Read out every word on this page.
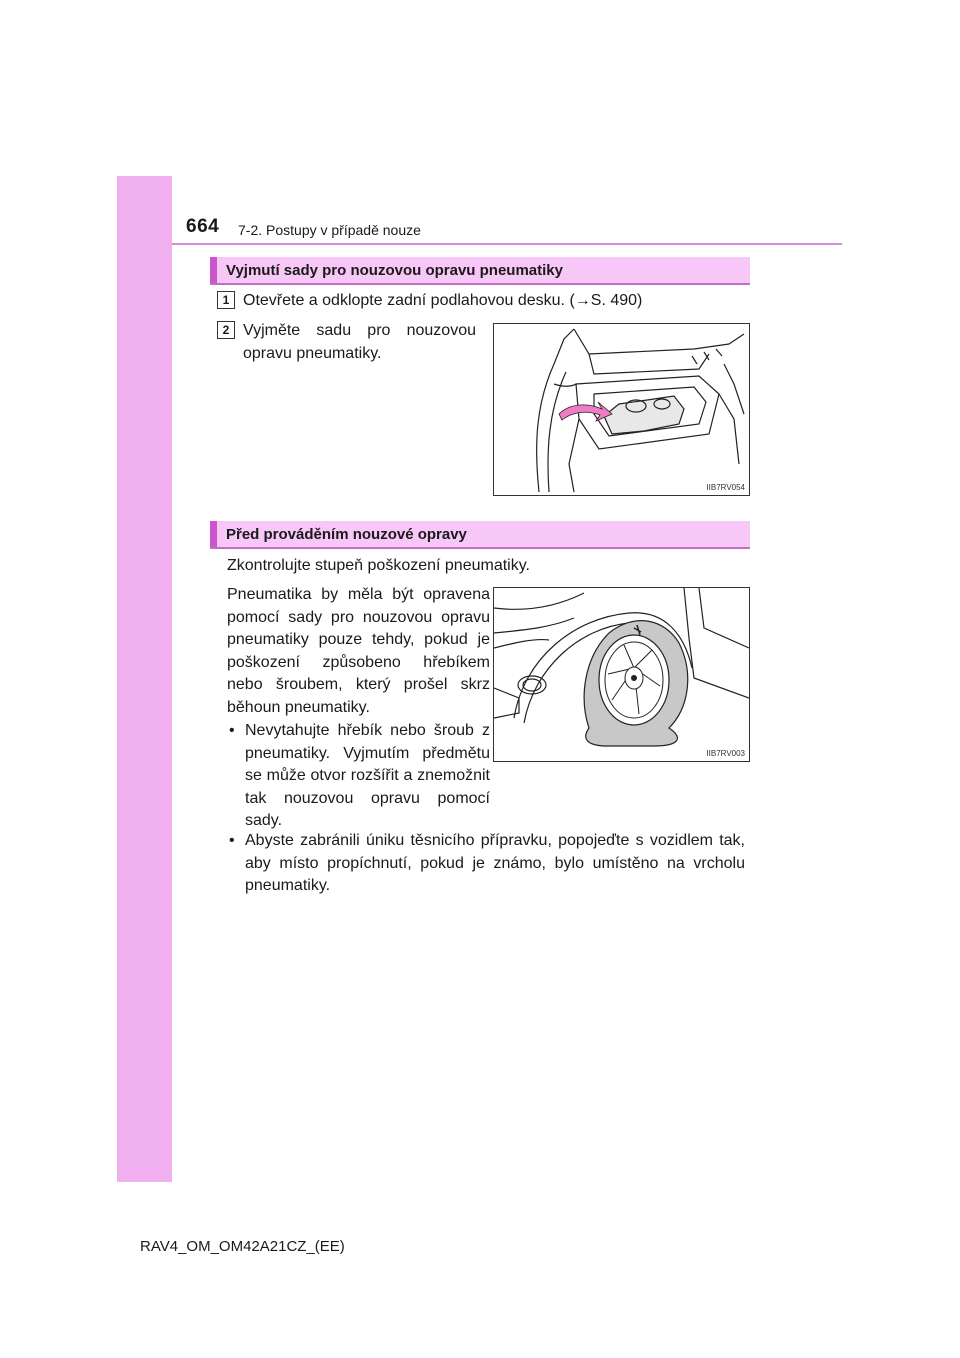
664 7-2. Postupy v případě nouze
Vyjmutí sady pro nouzovou opravu pneumatiky
1 Otevřete a odklopte zadní podlahovou desku. (→S. 490)
2 Vyjměte sadu pro nouzovou opravu pneumatiky.
IIB7RV054
Před prováděním nouzové opravy
Zkontrolujte stupeň poškození pneumatiky.
Pneumatika by měla být opravena pomocí sady pro nouzovou opravu pneumatiky pouze tehdy, pokud je poškození způsobeno hřebíkem nebo šroubem, který prošel skrz běhoun pneumatiky.
• Nevytahujte hřebík nebo šroub z pneumatiky. Vyjmutím předmětu se může otvor rozšířit a znemožnit tak nouzovou opravu pomocí sady.
• Abyste zabránili úniku těsnicího přípravku, popojeďte s vozidlem tak, aby místo propíchnutí, pokud je známo, bylo umístěno na vrcholu pneumatiky.
IIB7RV003
RAV4_OM_OM42A21CZ_(EE)
